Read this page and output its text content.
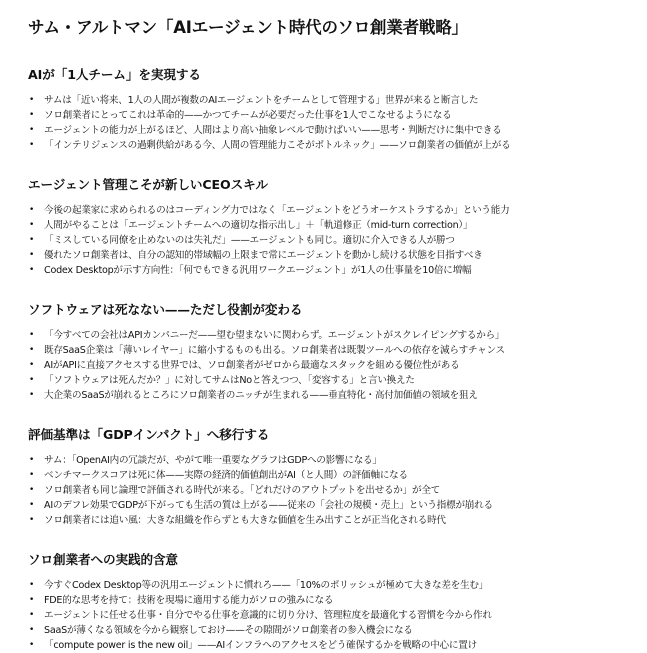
サム・アルトマン「AIエージェント時代のソロ創業者戦略」
AIが「1人チーム」を実現する
• サムは「近い将来、1人の人間が複数のAIエージェントをチームとして管理する」世界が来ると断言した
• ソロ創業者にとってこれは革命的——かつてチームが必要だった仕事を1人でこなせるようになる
• エージェントの能力が上がるほど、人間はより高い抽象レベルで動けばいい——思考・判断だけに集中できる
• 「インテリジェンスの過剰供給がある今、人間の管理能力こそがボトルネック」——ソロ創業者の価値が上がる
エージェント管理こそが新しいCEOスキル
• 今後の起業家に求められるのはコーディング力ではなく「エージェントをどうオーケストラするか」という能力
• 人間がやることは「エージェントチームへの適切な指示出し」＋「軌道修正（mid-turn correction）」
• 「ミスしている同僚を止めないのは失礼だ」——エージェントも同じ。適切に介入できる人が勝つ
• 優れたソロ創業者は、自分の認知的帯域幅の上限まで常にエージェントを動かし続ける状態を目指すべき
• Codex Desktopが示す方向性：「何でもできる汎用ワークエージェント」が1人の仕事量を10倍に増幅
ソフトウェアは死なない——ただし役割が変わる
• 「今すべての会社はAPIカンパニーだ——望む望まないに関わらず。エージェントがスクレイピングするから」
• 既存SaaS企業は「薄いレイヤー」に縮小するものも出る。ソロ創業者は既製ツールへの依存を減らすチャンス
• AIがAPIに直接アクセスする世界では、ソロ創業者がゼロから最適なスタックを組める優位性がある
• 「ソフトウェアは死んだか？」に対してサムはNoと答えつつ、「変容する」と言い換えた
• 大企業のSaaSが崩れるところにソロ創業者のニッチが生まれる——垂直特化・高付加価値の領域を狙え
評価基準は「GDPインパクト」へ移行する
• サム：「OpenAI内の冗談だが、やがて唯一重要なグラフはGDPへの影響になる」
• ベンチマークスコアは死に体——実際の経済的価値創出がAI（と人間）の評価軸になる
• ソロ創業者も同じ論理で評価される時代が来る。「どれだけのアウトプットを出せるか」が全て
• AIのデフレ効果でGDPが下がっても生活の質は上がる——従来の「会社の規模・売上」という指標が崩れる
• ソロ創業者には追い風：大きな組織を作らずとも大きな価値を生み出すことが正当化される時代
ソロ創業者への実践的含意
• 今すぐCodex Desktop等の汎用エージェントに慣れろ——「10%のポリッシュが極めて大きな差を生む」
• FDE的な思考を持て：技術を現場に適用する能力がソロの強みになる
• エージェントに任せる仕事・自分でやる仕事を意識的に切り分け、管理粒度を最適化する習慣を今から作れ
• SaaSが薄くなる領域を今から観察しておけ——その隙間がソロ創業者の参入機会になる
• 「compute power is the new oil」——AIインフラへのアクセスをどう確保するかを戦略の中心に置け
